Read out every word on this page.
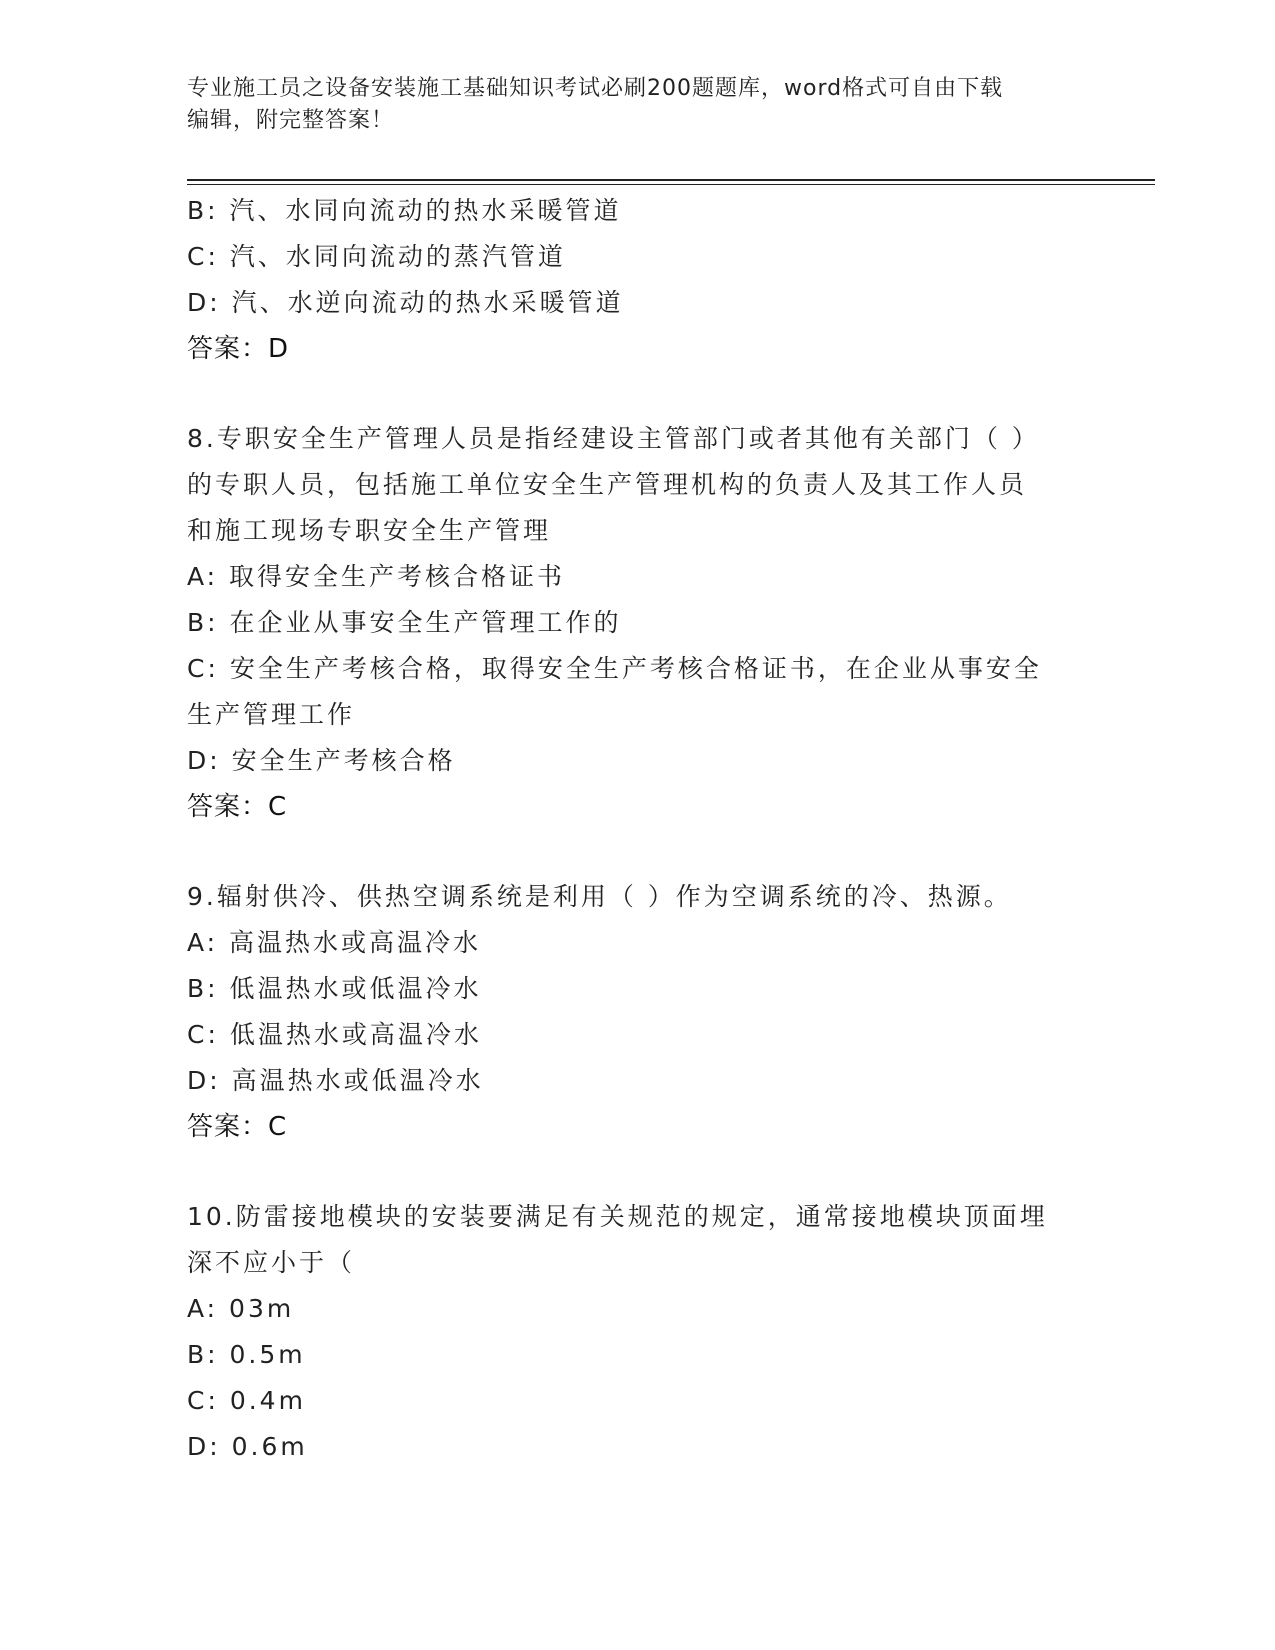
专业施工员之设备安装施工基础知识考试必刷200题题库，word格式可自由下载
编辑，附完整答案！
B: 汽、水同向流动的热水采暖管道
C: 汽、水同向流动的蒸汽管道
D: 汽、水逆向流动的热水采暖管道
答案：D
8.专职安全生产管理人员是指经建设主管部门或者其他有关部门（ ）
的专职人员，包括施工单位安全生产管理机构的负责人及其工作人员
和施工现场专职安全生产管理
A: 取得安全生产考核合格证书
B: 在企业从事安全生产管理工作的
C: 安全生产考核合格，取得安全生产考核合格证书，在企业从事安全
生产管理工作
D: 安全生产考核合格
答案：C
9.辐射供冷、供热空调系统是利用（ ）作为空调系统的冷、热源。
A: 高温热水或高温冷水
B: 低温热水或低温冷水
C: 低温热水或高温冷水
D: 高温热水或低温冷水
答案：C
10.防雷接地模块的安装要满足有关规范的规定，通常接地模块顶面埋
深不应小于（
A: 03m
B: 0.5m
C: 0.4m
D: 0.6m
